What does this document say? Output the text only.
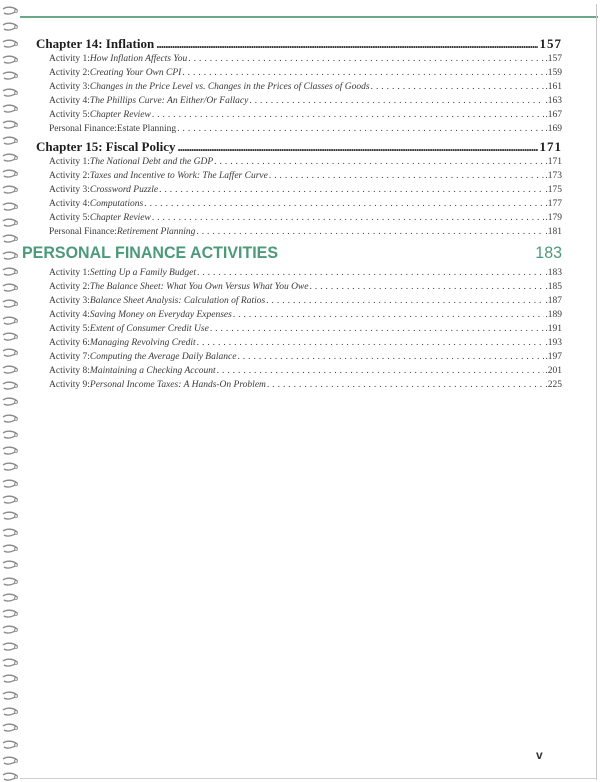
Chapter 14: Inflation .....	157
Activity 1: How Inflation Affects You . . .	.157
Activity 2: Creating Your Own CPI . . .	.159
Activity 3: Changes in the Price Level vs. Changes in the Prices of Classes of Goods . . .	.161
Activity 4: The Phillips Curve: An Either/Or Fallacy . . .	.163
Activity 5: Chapter Review . . .	.167
Personal Finance: Estate Planning . . .	.169
Chapter 15: Fiscal Policy .....	171
Activity 1: The National Debt and the GDP . . .	.171
Activity 2: Taxes and Incentive to Work: The Laffer Curve . . .	.173
Activity 3: Crossword Puzzle . . .	.175
Activity 4: Computations . . .	.177
Activity 5: Chapter Review . . .	.179
Personal Finance: Retirement Planning . . .	.181
PERSONAL FINANCE ACTIVITIES	183
Activity 1: Setting Up a Family Budget . . .	.183
Activity 2: The Balance Sheet: What You Own Versus What You Owe . . .	.185
Activity 3: Balance Sheet Analysis: Calculation of Ratios . . .	.187
Activity 4: Saving Money on Everyday Expenses . . .	.189
Activity 5: Extent of Consumer Credit Use . . .	.191
Activity 6: Managing Revolving Credit . . .	.193
Activity 7: Computing the Average Daily Balance . . .	.197
Activity 8: Maintaining a Checking Account . . .	.201
Activity 9: Personal Income Taxes: A Hands-On Problem . . .	.225
v
